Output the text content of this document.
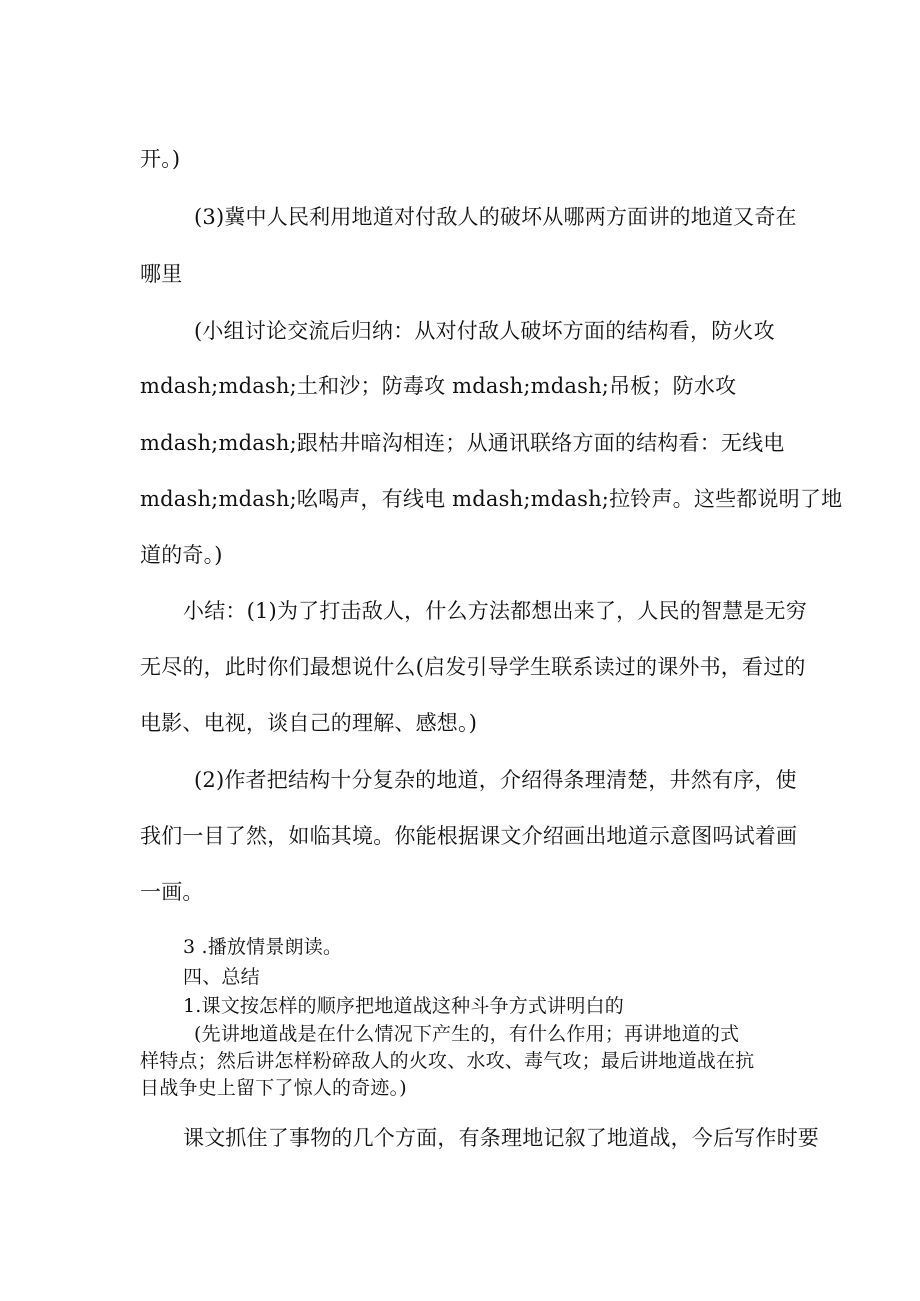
开。)
(3)冀中人民利用地道对付敌人的破坏从哪两方面讲的地道又奇在
哪里
(小组讨论交流后归纳：从对付敌人破坏方面的结构看，防火攻
mdash;mdash;土和沙；防毒攻 mdash;mdash;吊板；防水攻
mdash;mdash;跟枯井暗沟相连；从通讯联络方面的结构看：无线电
mdash;mdash;吆喝声，有线电 mdash;mdash;拉铃声。这些都说明了地
道的奇。)
小结：(1)为了打击敌人，什么方法都想出来了，人民的智慧是无穷
无尽的，此时你们最想说什么(启发引导学生联系读过的课外书，看过的
电影、电视，谈自己的理解、感想。)
(2)作者把结构十分复杂的地道，介绍得条理清楚，井然有序，使
我们一目了然，如临其境。你能根据课文介绍画出地道示意图吗试着画
一画。
3 .播放情景朗读。
四、总结
1.课文按怎样的顺序把地道战这种斗争方式讲明白的
(先讲地道战是在什么情况下产生的，有什么作用；再讲地道的式
样特点；然后讲怎样粉碎敌人的火攻、水攻、毒气攻；最后讲地道战在抗
日战争史上留下了惊人的奇迹。)
课文抓住了事物的几个方面，有条理地记叙了地道战，今后写作时要
